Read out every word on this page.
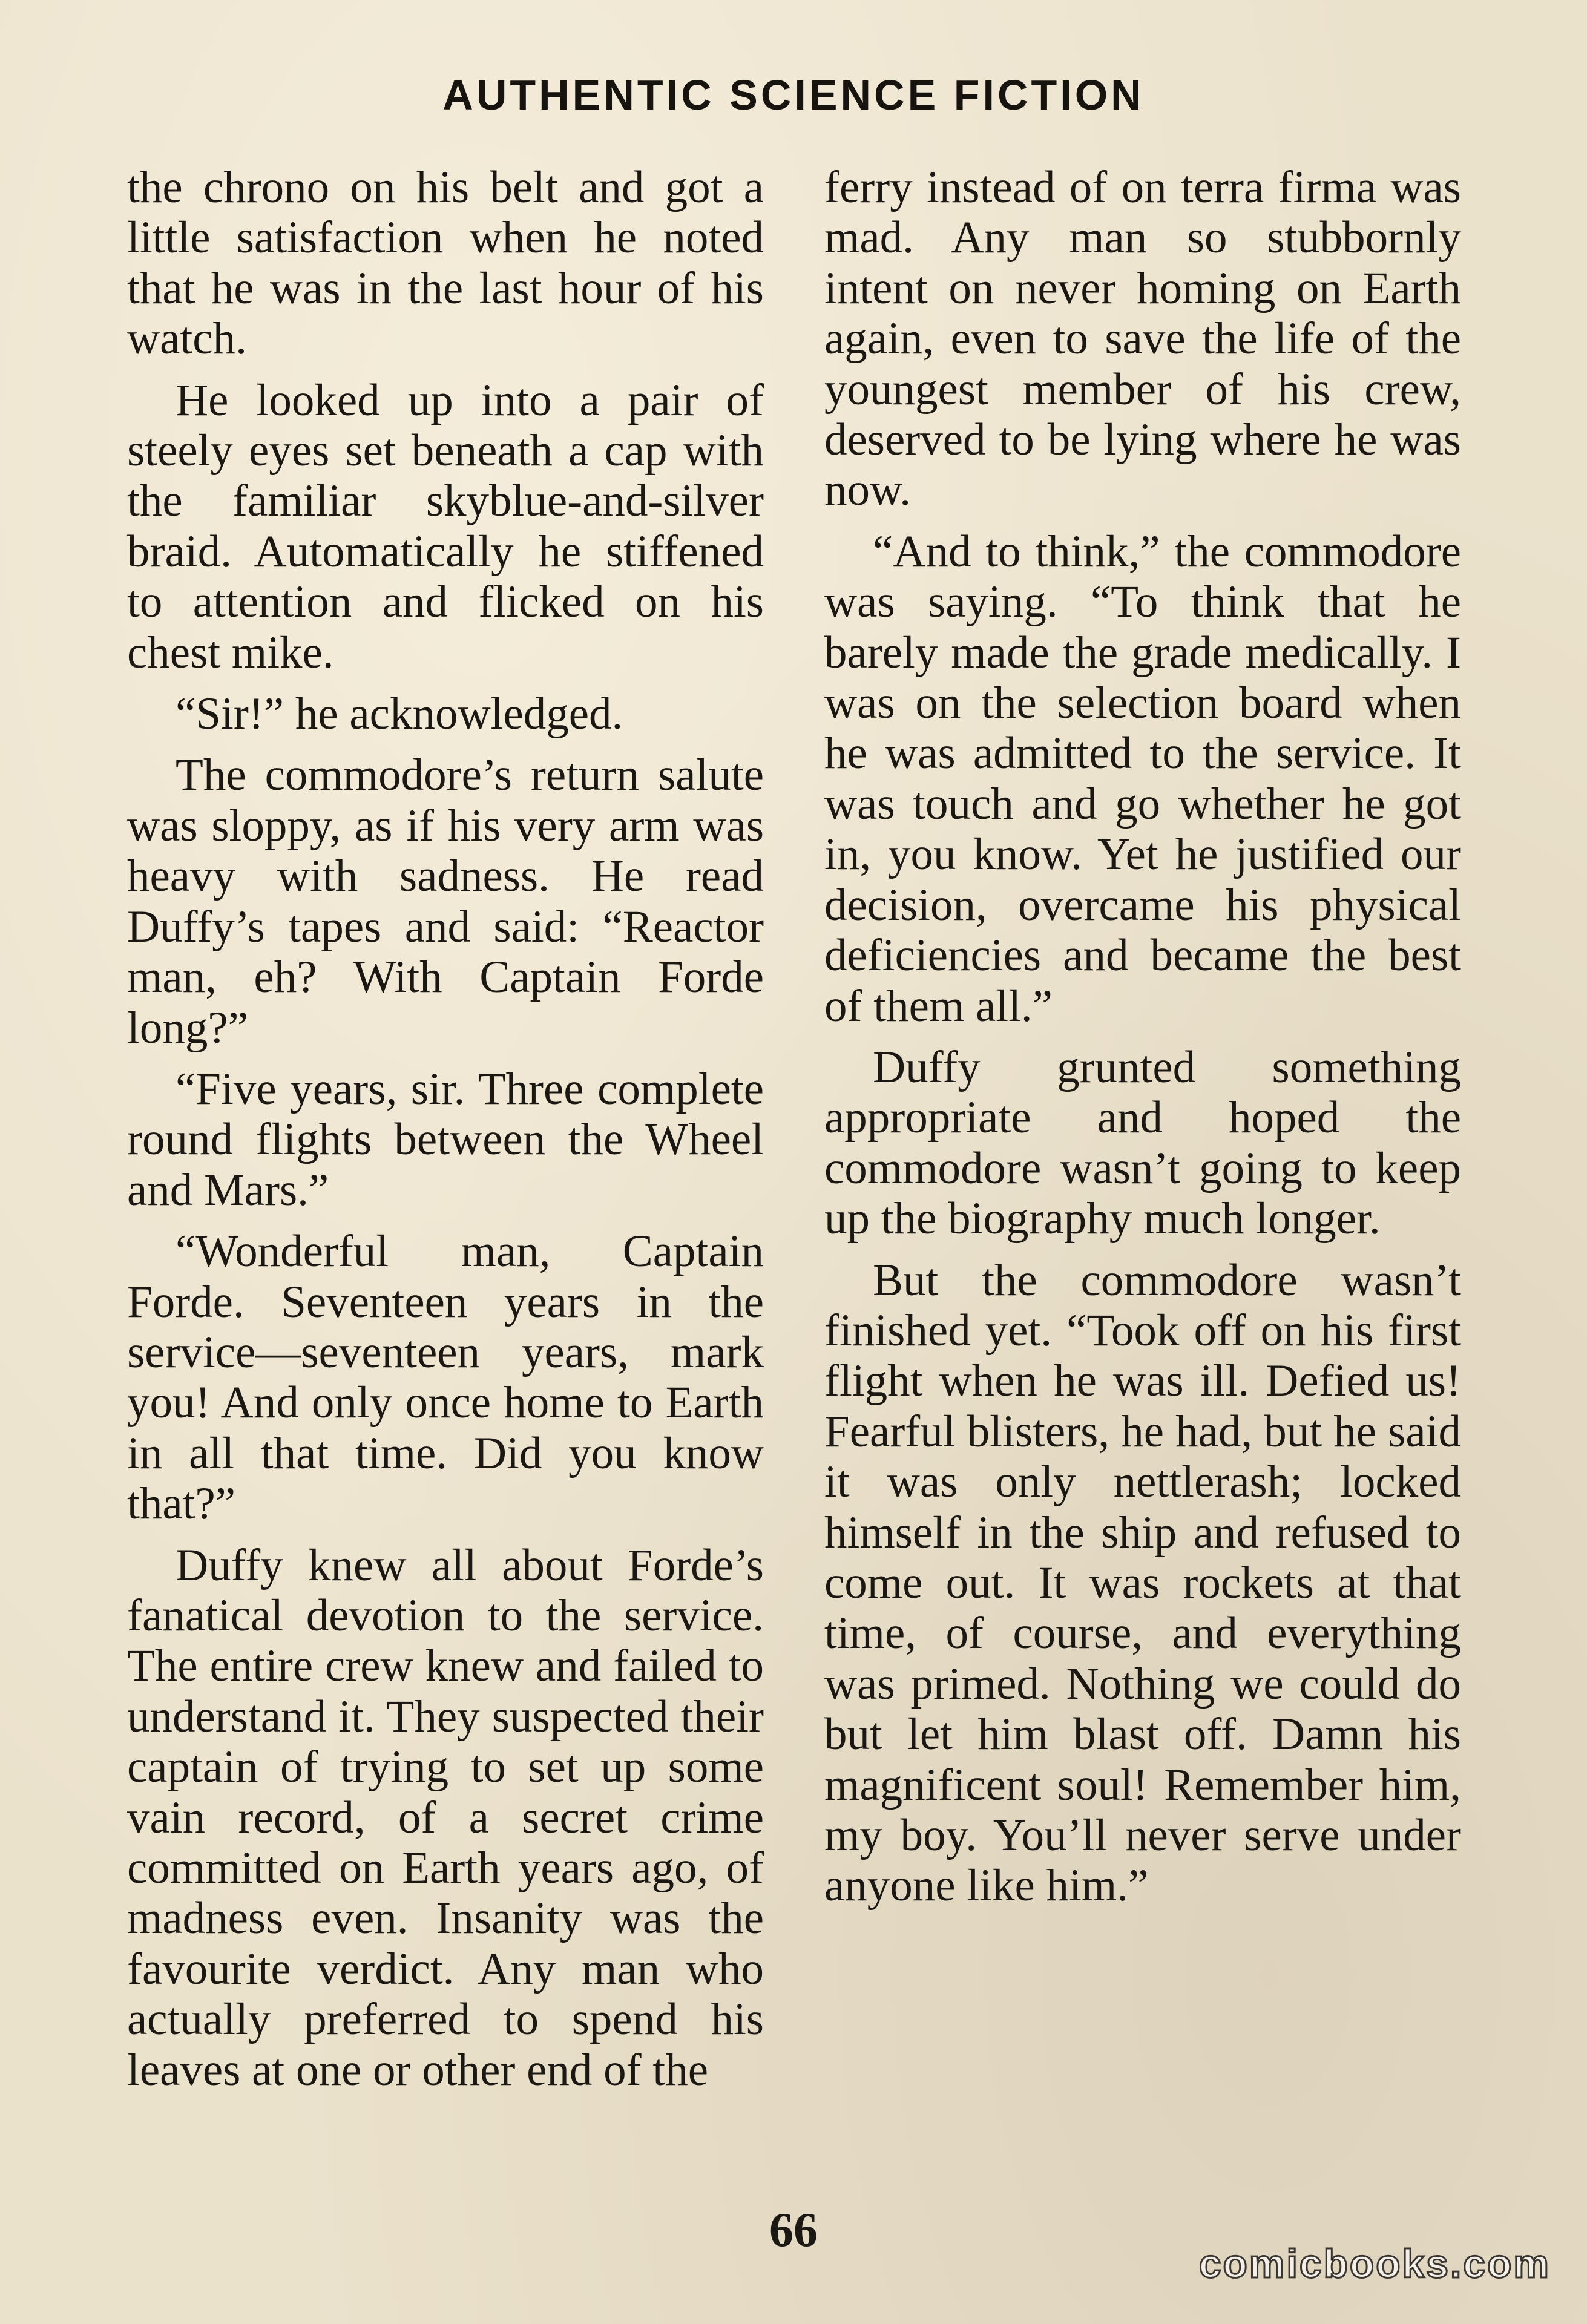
AUTHENTIC SCIENCE FICTION

the chrono on his belt and got a little satisfaction when he noted that he was in the last hour of his watch.

He looked up into a pair of steely eyes set beneath a cap with the familiar skyblue-and-silver braid. Automatically he stiffened to attention and flicked on his chest mike.

“Sir!” he acknowledged.

The commodore’s return salute was sloppy, as if his very arm was heavy with sadness. He read Duffy’s tapes and said: “Reactor man, eh? With Captain Forde long?”

“Five years, sir. Three complete round flights between the Wheel and Mars.”

“Wonderful man, Captain Forde. Seventeen years in the service—seventeen years, mark you! And only once home to Earth in all that time. Did you know that?”

Duffy knew all about Forde’s fanatical devotion to the service. The entire crew knew and failed to understand it. They suspected their captain of trying to set up some vain record, of a secret crime committed on Earth years ago, of madness even. Insanity was the favourite verdict. Any man who actually preferred to spend his leaves at one or other end of the

ferry instead of on terra firma was mad. Any man so stubbornly intent on never homing on Earth again, even to save the life of the youngest member of his crew, deserved to be lying where he was now.

“And to think,” the commodore was saying. “To think that he barely made the grade medically. I was on the selection board when he was admitted to the service. It was touch and go whether he got in, you know. Yet he justified our decision, overcame his physical deficiencies and became the best of them all.”

Duffy grunted something appropriate and hoped the commodore wasn’t going to keep up the biography much longer.

But the commodore wasn’t finished yet. “Took off on his first flight when he was ill. Defied us! Fearful blisters, he had, but he said it was only nettlerash; locked himself in the ship and refused to come out. It was rockets at that time, of course, and everything was primed. Nothing we could do but let him blast off. Damn his magnificent soul! Remember him, my boy. You’ll never serve under anyone like him.”

66
comicbooks.com
